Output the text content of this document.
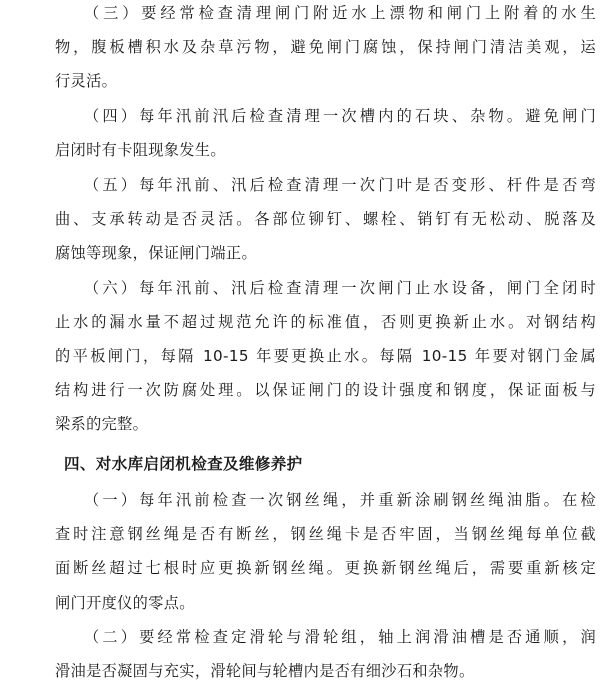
（三）要经常检查清理闸门附近水上漂物和闸门上附着的水生
物，腹板槽积水及杂草污物，避免闸门腐蚀，保持闸门清洁美观，运
行灵活。
（四）每年汛前汛后检查清理一次槽内的石块、杂物。避免闸门
启闭时有卡阻现象发生。
（五）每年汛前、汛后检查清理一次门叶是否变形、杆件是否弯
曲、支承转动是否灵活。各部位铆钉、螺栓、销钉有无松动、脱落及
腐蚀等现象，保证闸门端正。
（六）每年汛前、汛后检查清理一次闸门止水设备，闸门全闭时
止水的漏水量不超过规范允许的标准值，否则更换新止水。对钢结构
的平板闸门，每隔 10-15 年要更换止水。每隔 10-15 年要对钢门金属
结构进行一次防腐处理。以保证闸门的设计强度和钢度，保证面板与
梁系的完整。
四、对水库启闭机检查及维修养护
（一）每年汛前检查一次钢丝绳，并重新涂刷钢丝绳油脂。在检
查时注意钢丝绳是否有断丝，钢丝绳卡是否牢固，当钢丝绳每单位截
面断丝超过七根时应更换新钢丝绳。更换新钢丝绳后，需要重新核定
闸门开度仪的零点。
（二）要经常检查定滑轮与滑轮组，轴上润滑油槽是否通顺，润
滑油是否凝固与充实，滑轮间与轮槽内是否有细沙石和杂物。
